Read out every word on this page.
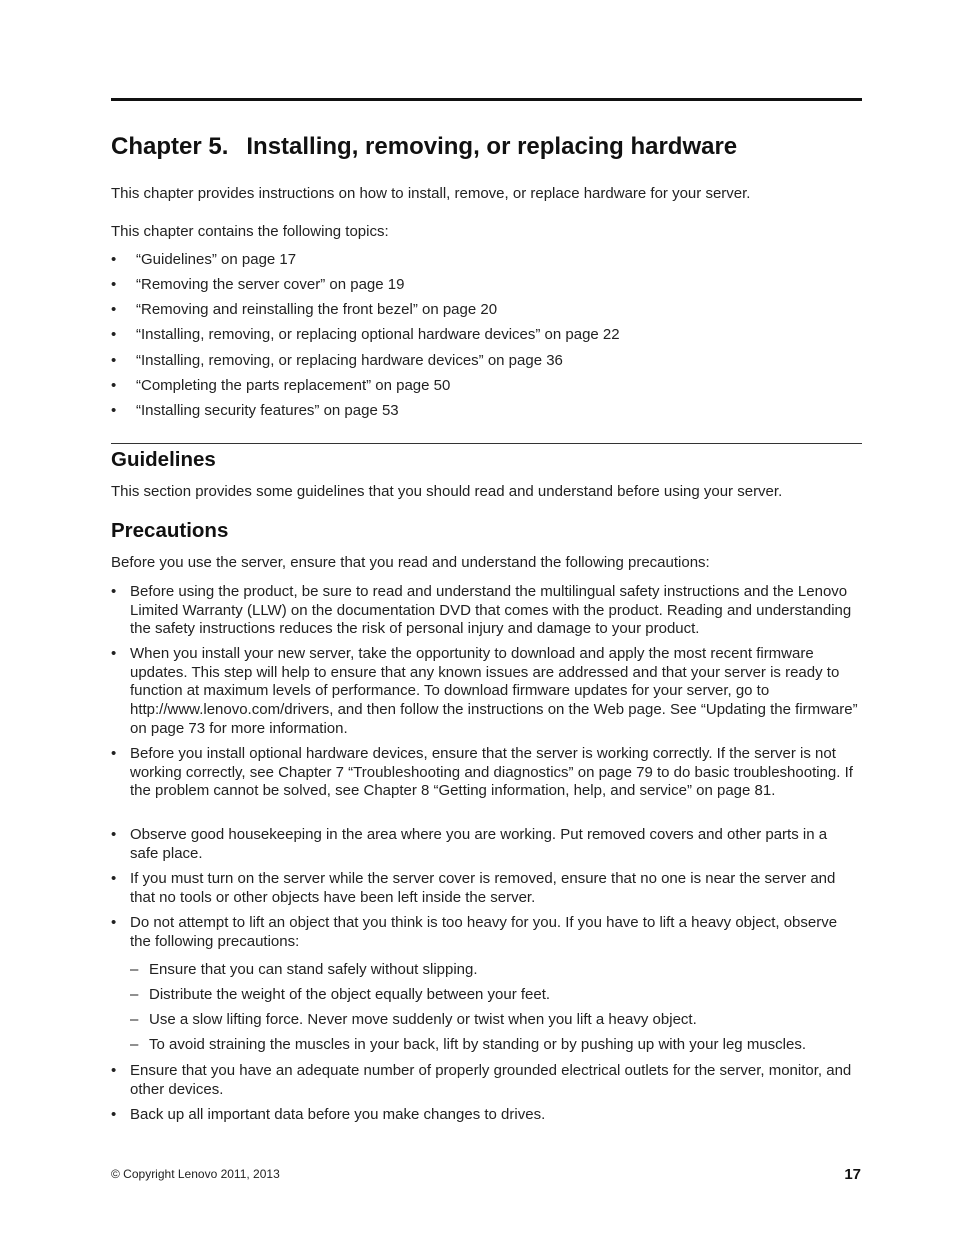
Chapter 5. Installing, removing, or replacing hardware

This chapter provides instructions on how to install, remove, or replace hardware for your server.

This chapter contains the following topics:

• “Guidelines” on page 17
• “Removing the server cover” on page 19
• “Removing and reinstalling the front bezel” on page 20
• “Installing, removing, or replacing optional hardware devices” on page 22
• “Installing, removing, or replacing hardware devices” on page 36
• “Completing the parts replacement” on page 50
• “Installing security features” on page 53
Guidelines

This section provides some guidelines that you should read and understand before using your server.

Precautions

Before you use the server, ensure that you read and understand the following precautions:

• Before using the product, be sure to read and understand the multilingual safety instructions and the Lenovo Limited Warranty (LLW) on the documentation DVD that comes with the product. Reading and understanding the safety instructions reduces the risk of personal injury and damage to your product.
• When you install your new server, take the opportunity to download and apply the most recent firmware updates. This step will help to ensure that any known issues are addressed and that your server is ready to function at maximum levels of performance. To download firmware updates for your server, go to http://www.lenovo.com/drivers, and then follow the instructions on the Web page. See “Updating the firmware” on page 73 for more information.
• Before you install optional hardware devices, ensure that the server is working correctly. If the server is not working correctly, see Chapter 7 “Troubleshooting and diagnostics” on page 79 to do basic troubleshooting. If the problem cannot be solved, see Chapter 8 “Getting information, help, and service” on page 81.
• Observe good housekeeping in the area where you are working. Put removed covers and other parts in a safe place.
• If you must turn on the server while the server cover is removed, ensure that no one is near the server and that no tools or other objects have been left inside the server.
• Do not attempt to lift an object that you think is too heavy for you. If you have to lift a heavy object, observe the following precautions:
– Ensure that you can stand safely without slipping.
– Distribute the weight of the object equally between your feet.
– Use a slow lifting force. Never move suddenly or twist when you lift a heavy object.
– To avoid straining the muscles in your back, lift by standing or by pushing up with your leg muscles.
• Ensure that you have an adequate number of properly grounded electrical outlets for the server, monitor, and other devices.
• Back up all important data before you make changes to drives.
© Copyright Lenovo 2011, 2013	17
